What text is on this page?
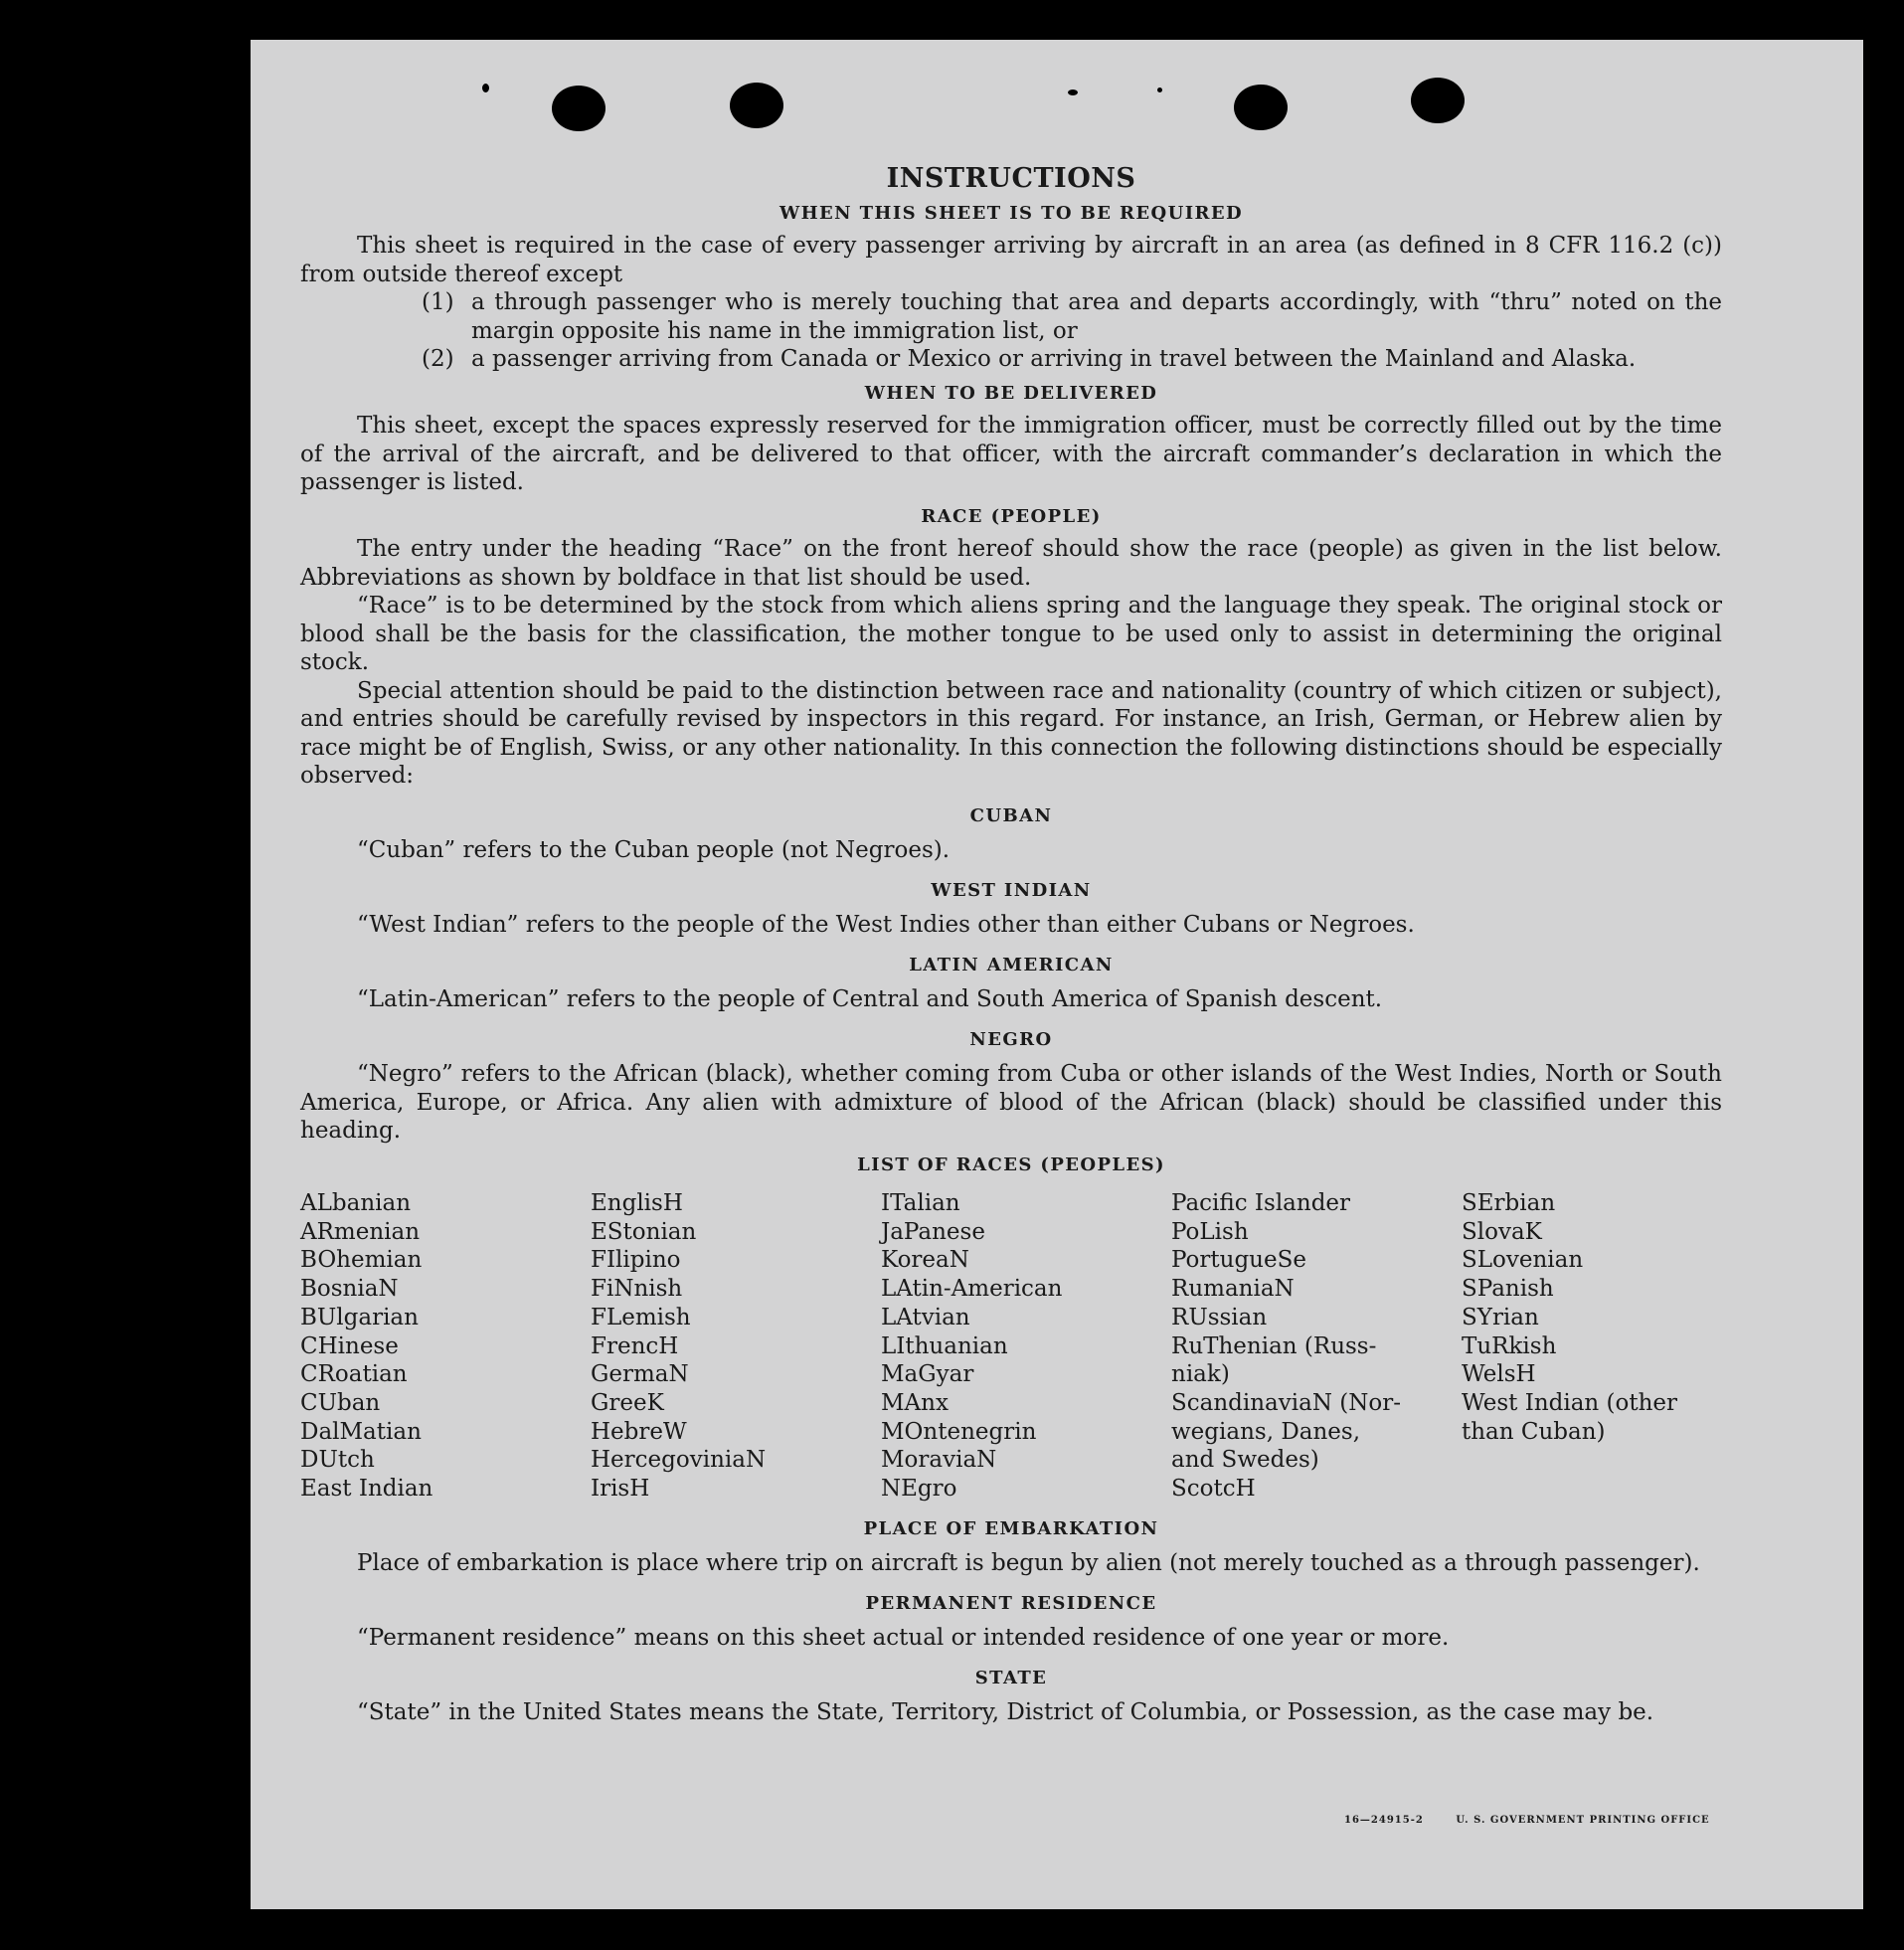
INSTRUCTIONS
WHEN THIS SHEET IS TO BE REQUIRED

This sheet is required in the case of every passenger arriving by aircraft in an area (as defined in 8 CFR 116.2 (c)) from outside thereof except

(1) a through passenger who is merely touching that area and departs accordingly, with “thru” noted on the margin opposite his name in the immigration list, or
(2) a passenger arriving from Canada or Mexico or arriving in travel between the Mainland and Alaska.
WHEN TO BE DELIVERED

This sheet, except the spaces expressly reserved for the immigration officer, must be correctly filled out by the time of the arrival of the aircraft, and be delivered to that officer, with the aircraft commander’s declaration in which the passenger is listed.

RACE (PEOPLE)

The entry under the heading “Race” on the front hereof should show the race (people) as given in the list below. Abbreviations as shown by boldface in that list should be used.

“Race” is to be determined by the stock from which aliens spring and the language they speak. The original stock or blood shall be the basis for the classification, the mother tongue to be used only to assist in determining the original stock.

Special attention should be paid to the distinction between race and nationality (country of which citizen or subject), and entries should be carefully revised by inspectors in this regard. For instance, an Irish, German, or Hebrew alien by race might be of English, Swiss, or any other nationality. In this connection the following distinctions should be especially observed:

CUBAN

“Cuban” refers to the Cuban people (not Negroes).

WEST INDIAN

“West Indian” refers to the people of the West Indies other than either Cubans or Negroes.

LATIN AMERICAN

“Latin-American” refers to the people of Central and South America of Spanish descent.

NEGRO

“Negro” refers to the African (black), whether coming from Cuba or other islands of the West Indies, North or South America, Europe, or Africa. Any alien with admixture of blood of the African (black) should be classified under this heading.

LIST OF RACES (PEOPLES)
ALbanian
ARmenian
BOhemian
BosniaN
BUlgarian
CHinese
CRoatian
CUban
DalMatian
DUtch
East Indian
EnglisH
EStonian
FIlipino
FiNnish
FLemish
FrencH
GermaN
GreeK
HebreW
HercegoviniaN
IrisH
ITalian
JaPanese
KoreaN
LAtin-American
LAtvian
LIthuanian
MaGyar
MAnx
MOntenegrin
MoraviaN
NEgro
Pacific Islander
PoLish
PortugueSe
RumaniaN
RUssian
RuThenian (Russ-
niak)
ScandinaviaN (Nor-
wegians, Danes,
and Swedes)
ScotcH
SErbian
SlovaK
SLovenian
SPanish
SYrian
TuRkish
WelsH
West Indian (other
than Cuban)
PLACE OF EMBARKATION

Place of embarkation is place where trip on aircraft is begun by alien (not merely touched as a through passenger).

PERMANENT RESIDENCE

“Permanent residence” means on this sheet actual or intended residence of one year or more.

STATE

“State” in the United States means the State, Territory, District of Columbia, or Possession, as the case may be.

16—24915-2	U. S. GOVERNMENT PRINTING OFFICE
